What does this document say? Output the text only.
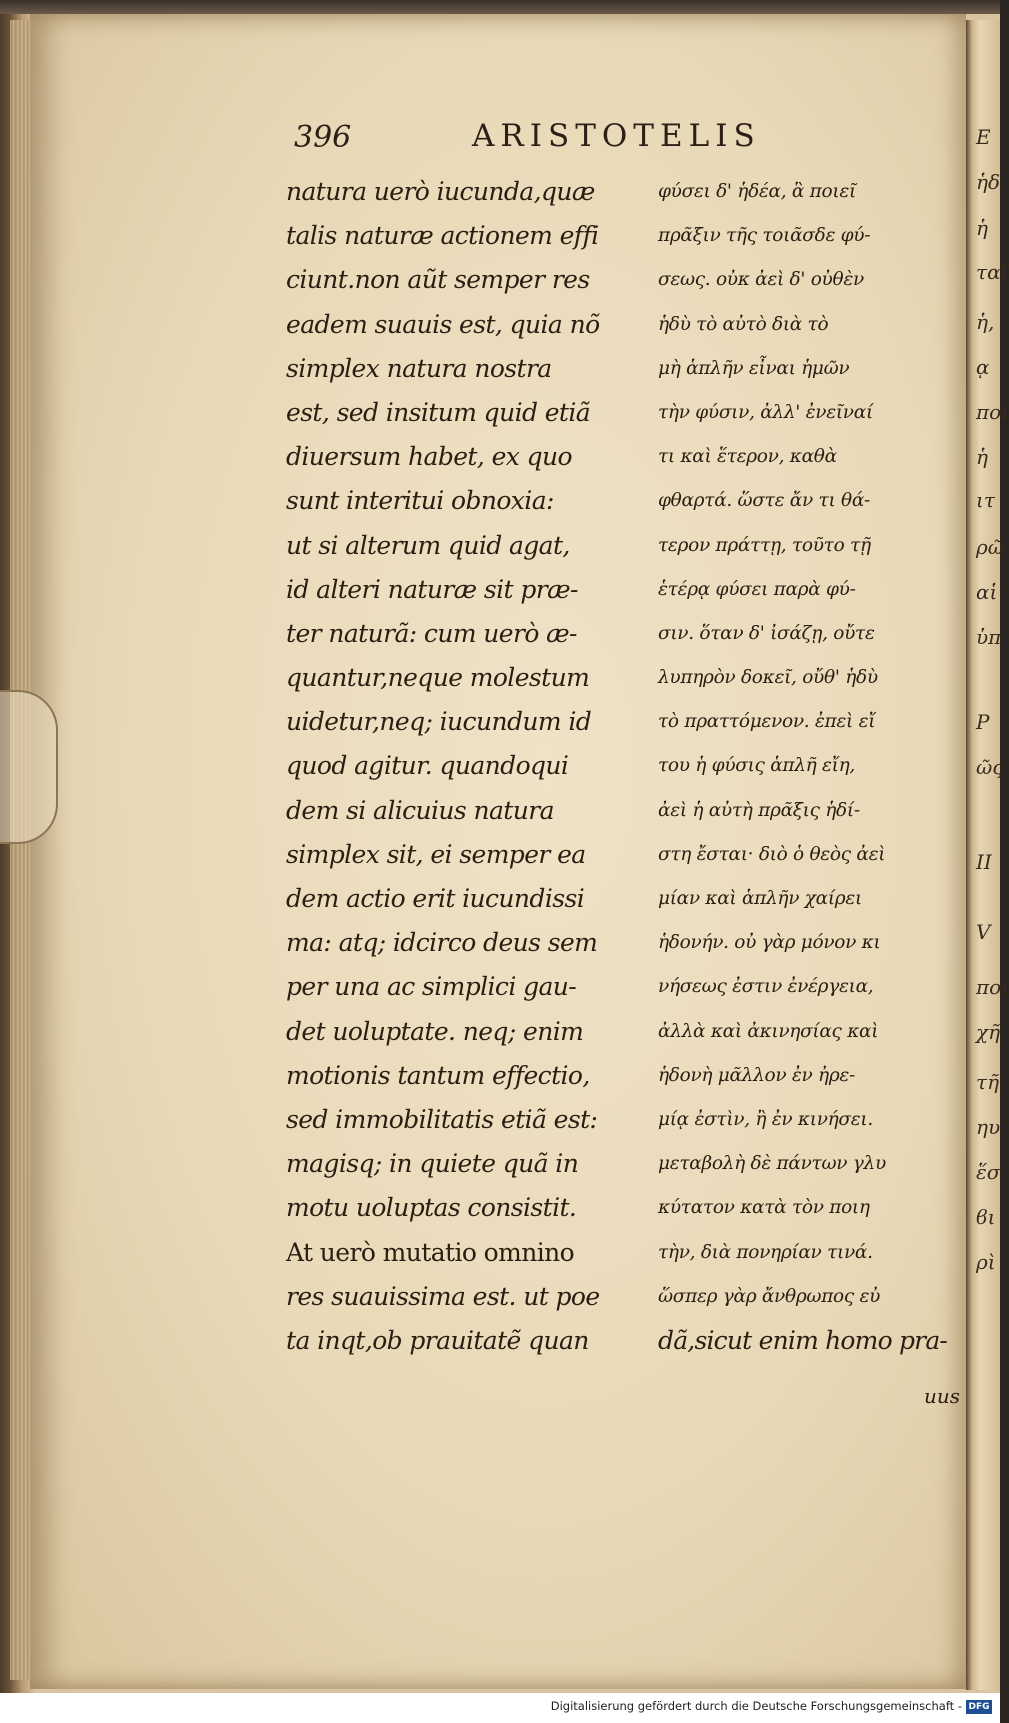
396	ARISTOTELIS
natura uerò iucunda,quæ
talis naturæ actionem effi
ciunt.non aũt semper res
eadem suauis est, quia nõ
simplex natura nostra
est, sed insitum quid etiã
diuersum habet, ex quo
sunt interitui obnoxia:
ut si alterum quid agat,
id alteri naturæ sit præ-
ter naturã: cum uerò æ-
quantur,neque molestum
uidetur,neq; iucundum id
quod agitur. quandoqui
dem si alicuius natura
simplex sit, ei semper ea
dem actio erit iucundissi
ma: atq; idcirco deus sem
per una ac simplici gau-
det uoluptate. neq; enim
motionis tantum effectio,
sed immobilitatis etiã est:
magisq; in quiete quã in
motu uoluptas consistit.
At uerò mutatio omnino
res suauissima est. ut poe
ta inqt,ob prauitatẽ quan
φύσει δ' ἡδέα, ἃ ποιεῖ
πρᾶξιν τῆς τοιᾶσδε φύ-
σεως. οὐκ ἀεὶ δ' οὐθὲν
ἡδὺ τὸ αὐτὸ διὰ τὸ
μὴ ἁπλῆν εἶναι ἡμῶν
τὴν φύσιν, ἀλλ' ἐνεῖναί
τι καὶ ἕτερον, καθὰ
φθαρτά. ὥστε ἄν τι θά-
τερον πράττῃ, τοῦτο τῇ
ἑτέρᾳ φύσει παρὰ φύ-
σιν. ὅταν δ' ἰσάζῃ, οὔτε
λυπηρὸν δοκεῖ, οὔθ' ἡδὺ
τὸ πραττόμενον. ἐπεὶ εἴ
του ἡ φύσις ἁπλῆ εἴη,
ἀεὶ ἡ αὐτὴ πρᾶξις ἡδί-
στη ἔσται· διὸ ὁ θεὸς ἀεὶ
μίαν καὶ ἁπλῆν χαίρει
ἡδονήν. οὐ γὰρ μόνον κι
νήσεως ἐστιν ἐνέργεια,
ἀλλὰ καὶ ἀκινησίας καὶ
ἡδονὴ μᾶλλον ἐν ἠρε-
μίᾳ ἐστὶν, ἢ ἐν κινήσει.
μεταβολὴ δὲ πάντων γλυ
κύτατον κατὰ τὸν ποιη
τὴν, διὰ πονηρίαν τινά.
ὥσπερ γὰρ ἄνθρωπος εὐ
dã,sicut enim homo pra-
uus
E
ἡδ
ἡ
ταῖ
ἡ,
ᾳ
ποι
ἡ
ιτ
ρῶ
αἱ
ὑπ
P
ῶς
II
V
ποι
χῆ
τῆ
ηυ
ἕσ
ϐι
ρὶ
Digitalisierung gefördert durch die Deutsche Forschungsgemeinschaft - DFG
